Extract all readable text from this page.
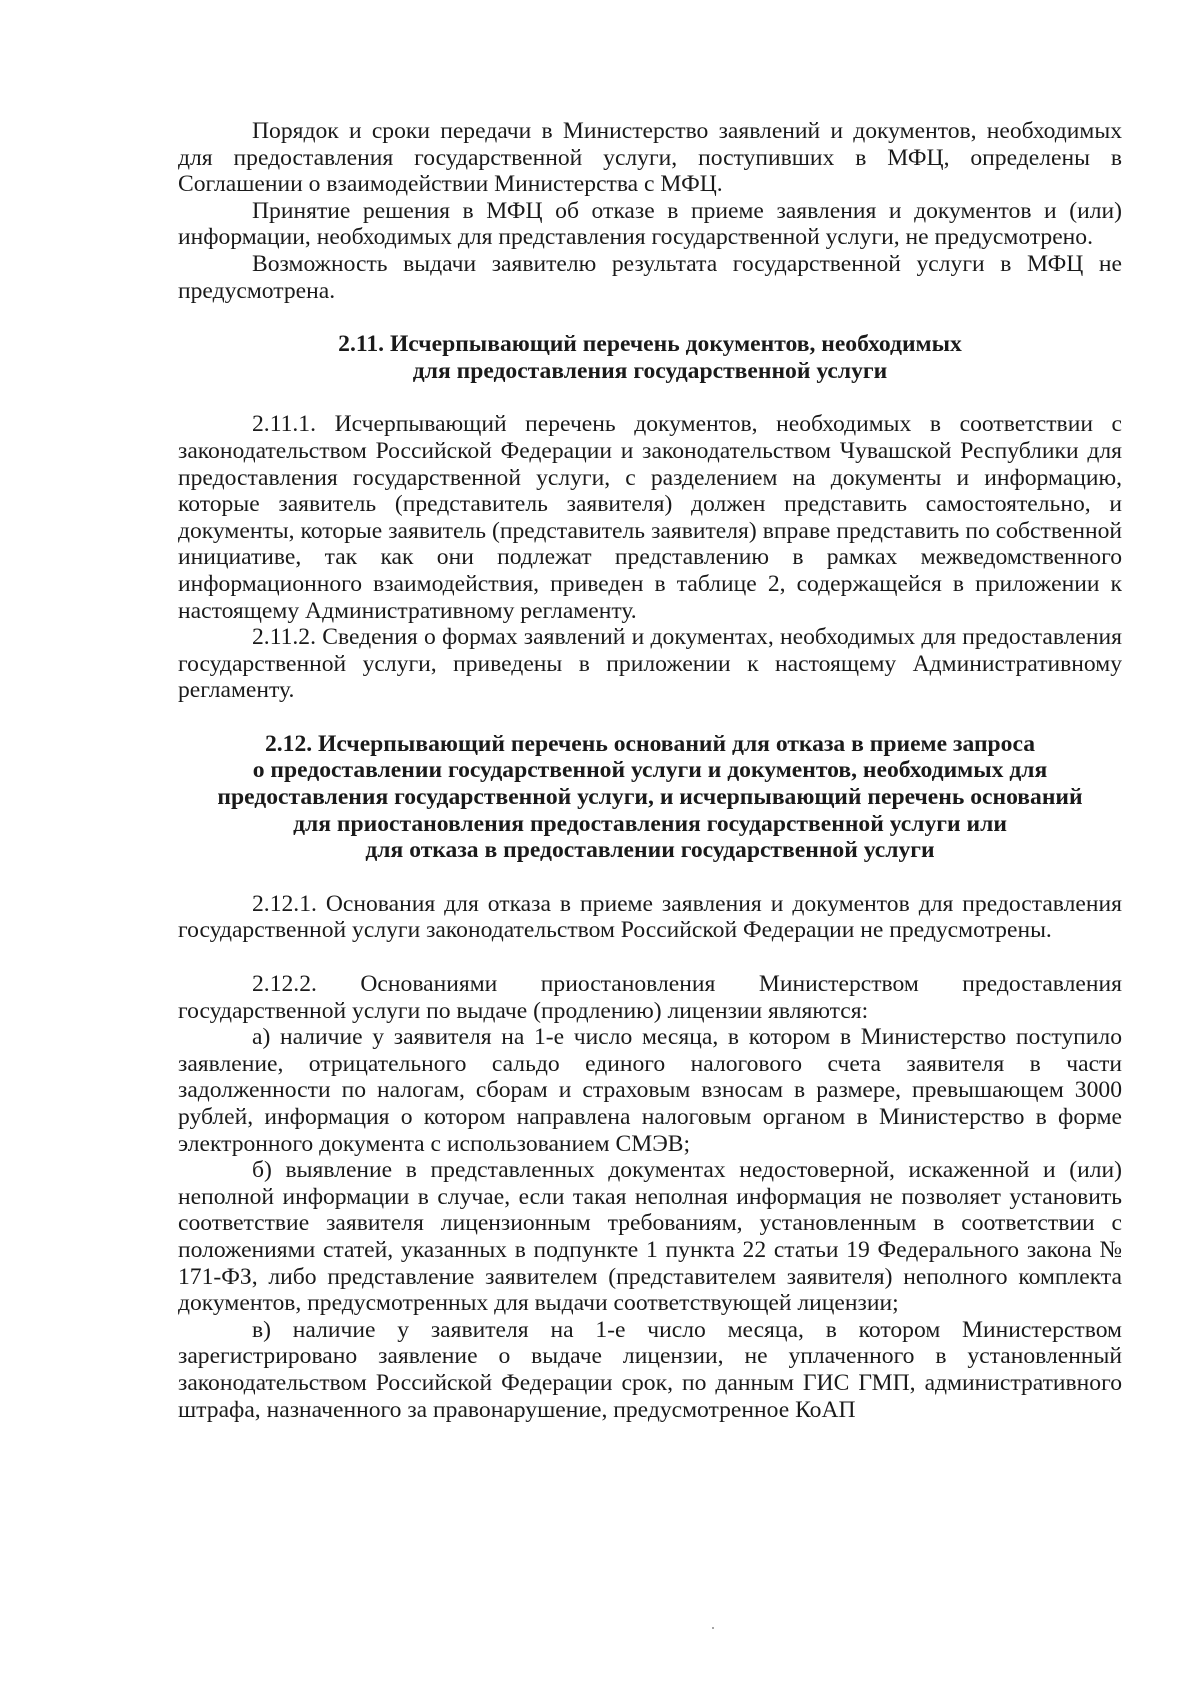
Порядок и сроки передачи в Министерство заявлений и документов, необходимых для предоставления государственной услуги, поступивших в МФЦ, определены в Соглашении о взаимодействии Министерства с МФЦ.

Принятие решения в МФЦ об отказе в приеме заявления и документов и (или) информации, необходимых для представления государственной услуги, не предусмотрено.

Возможность выдачи заявителю результата государственной услуги в МФЦ не предусмотрена.

2.11. Исчерпывающий перечень документов, необходимых

для предоставления государственной услуги

2.11.1. Исчерпывающий перечень документов, необходимых в соответствии с законодательством Российской Федерации и законодательством Чувашской Республики для предоставления государственной услуги, с разделением на документы и информацию, которые заявитель (представитель заявителя) должен представить самостоятельно, и документы, которые заявитель (представитель заявителя) вправе представить по собственной инициативе, так как они подлежат представлению в рамках межведомственного информационного взаимодействия, приведен в таблице 2, содержащейся в приложении к настоящему Административному регламенту.

2.11.2. Сведения о формах заявлений и документах, необходимых для предоставления государственной услуги, приведены в приложении к настоящему Административному регламенту.

2.12. Исчерпывающий перечень оснований для отказа в приеме запроса

о предоставлении государственной услуги и документов, необходимых для

предоставления государственной услуги, и исчерпывающий перечень оснований

для приостановления предоставления государственной услуги или

для отказа в предоставлении государственной услуги

2.12.1. Основания для отказа в приеме заявления и документов для предоставления государственной услуги законодательством Российской Федерации не предусмотрены.

2.12.2. Основаниями приостановления Министерством предоставления государственной услуги по выдаче (продлению) лицензии являются:

а) наличие у заявителя на 1-е число месяца, в котором в Министерство поступило заявление, отрицательного сальдо единого налогового счета заявителя в части задолженности по налогам, сборам и страховым взносам в размере, превышающем 3000 рублей, информация о котором направлена налоговым органом в Министерство в форме электронного документа с использованием СМЭВ;

б) выявление в представленных документах недостоверной, искаженной и (или) неполной информации в случае, если такая неполная информация не позволяет установить соответствие заявителя лицензионным требованиям, установленным в соответствии с положениями статей, указанных в подпункте 1 пункта 22 статьи 19 Федерального закона № 171-ФЗ, либо представление заявителем (представителем заявителя) неполного комплекта документов, предусмотренных для выдачи соответствующей лицензии;

в) наличие у заявителя на 1-е число месяца, в котором Министерством зарегистрировано заявление о выдаче лицензии, не уплаченного в установленный законодательством Российской Федерации срок, по данным ГИС ГМП, административного штрафа, назначенного за правонарушение, предусмотренное КоАП
